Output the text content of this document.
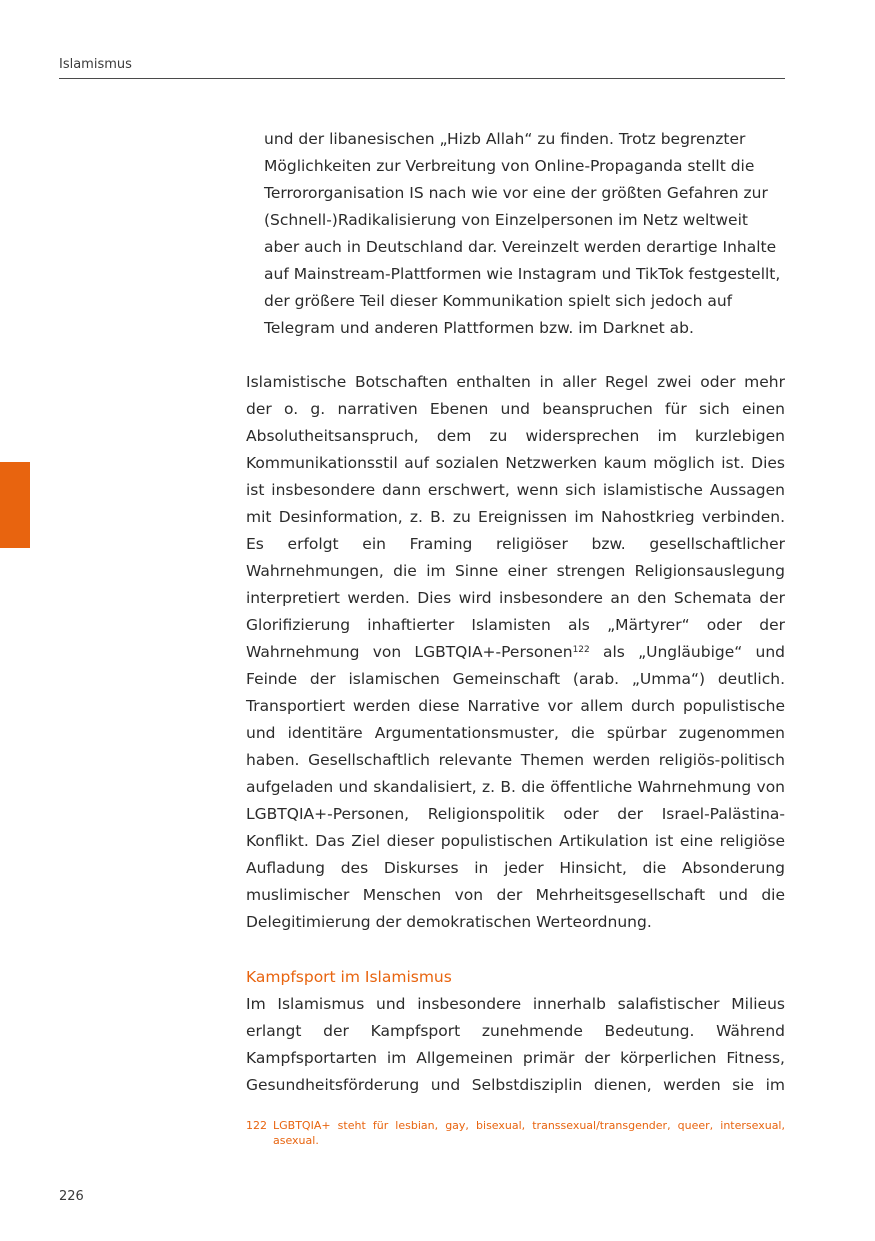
Islamismus

und der libanesischen „Hizb Allah“ zu finden. Trotz begrenzter Möglichkeiten zur Verbreitung von Online-Propaganda stellt die Terrororganisation IS nach wie vor eine der größten Gefahren zur (Schnell-)Radikalisierung von Einzelpersonen im Netz weltweit aber auch in Deutschland dar. Vereinzelt werden derartige Inhalte auf Mainstream-Plattformen wie Instagram und TikTok festgestellt, der größere Teil dieser Kommunikation spielt sich jedoch auf Telegram und anderen Plattformen bzw. im Darknet ab.

Islamistische Botschaften enthalten in aller Regel zwei oder mehr der o. g. narrativen Ebenen und beanspruchen für sich einen Absolutheitsanspruch, dem zu widersprechen im kurzlebigen Kommunikationsstil auf sozialen Netzwerken kaum möglich ist. Dies ist insbesondere dann erschwert, wenn sich islamistische Aussagen mit Desinformation, z. B. zu Ereignissen im Nahostkrieg verbinden. Es erfolgt ein Framing religiöser bzw. gesellschaftlicher Wahrnehmungen, die im Sinne einer strengen Religionsauslegung interpretiert werden. Dies wird insbesondere an den Schemata der Glorifizierung inhaftierter Islamisten als „Märtyrer“ oder der Wahrnehmung von LGBTQIA+-Personen$^{122}$ als „Ungläubige“ und Feinde der islamischen Gemeinschaft (arab. „Umma“) deutlich. Transportiert werden diese Narrative vor allem durch populistische und identitäre Argumentationsmuster, die spürbar zugenommen haben. Gesellschaftlich relevante Themen werden religiös-politisch aufgeladen und skandalisiert, z. B. die öffentliche Wahrnehmung von LGBTQIA+-Personen, Religionspolitik oder der Israel-Palästina-Konflikt. Das Ziel dieser populistischen Artikulation ist eine religiöse Aufladung des Diskurses in jeder Hinsicht, die Absonderung muslimischer Menschen von der Mehrheitsgesellschaft und die Delegitimierung der demokratischen Werteordnung.

Kampfsport im Islamismus

Im Islamismus und insbesondere innerhalb salafistischer Milieus erlangt der Kampfsport zunehmende Bedeutung. Während Kampfsportarten im Allgemeinen primär der körperlichen Fitness, Gesundheitsförderung und Selbstdisziplin dienen, werden sie im

122 LGBTQIA+ steht für lesbian, gay, bisexual, transsexual/transgender, queer, intersexual, asexual.
226
